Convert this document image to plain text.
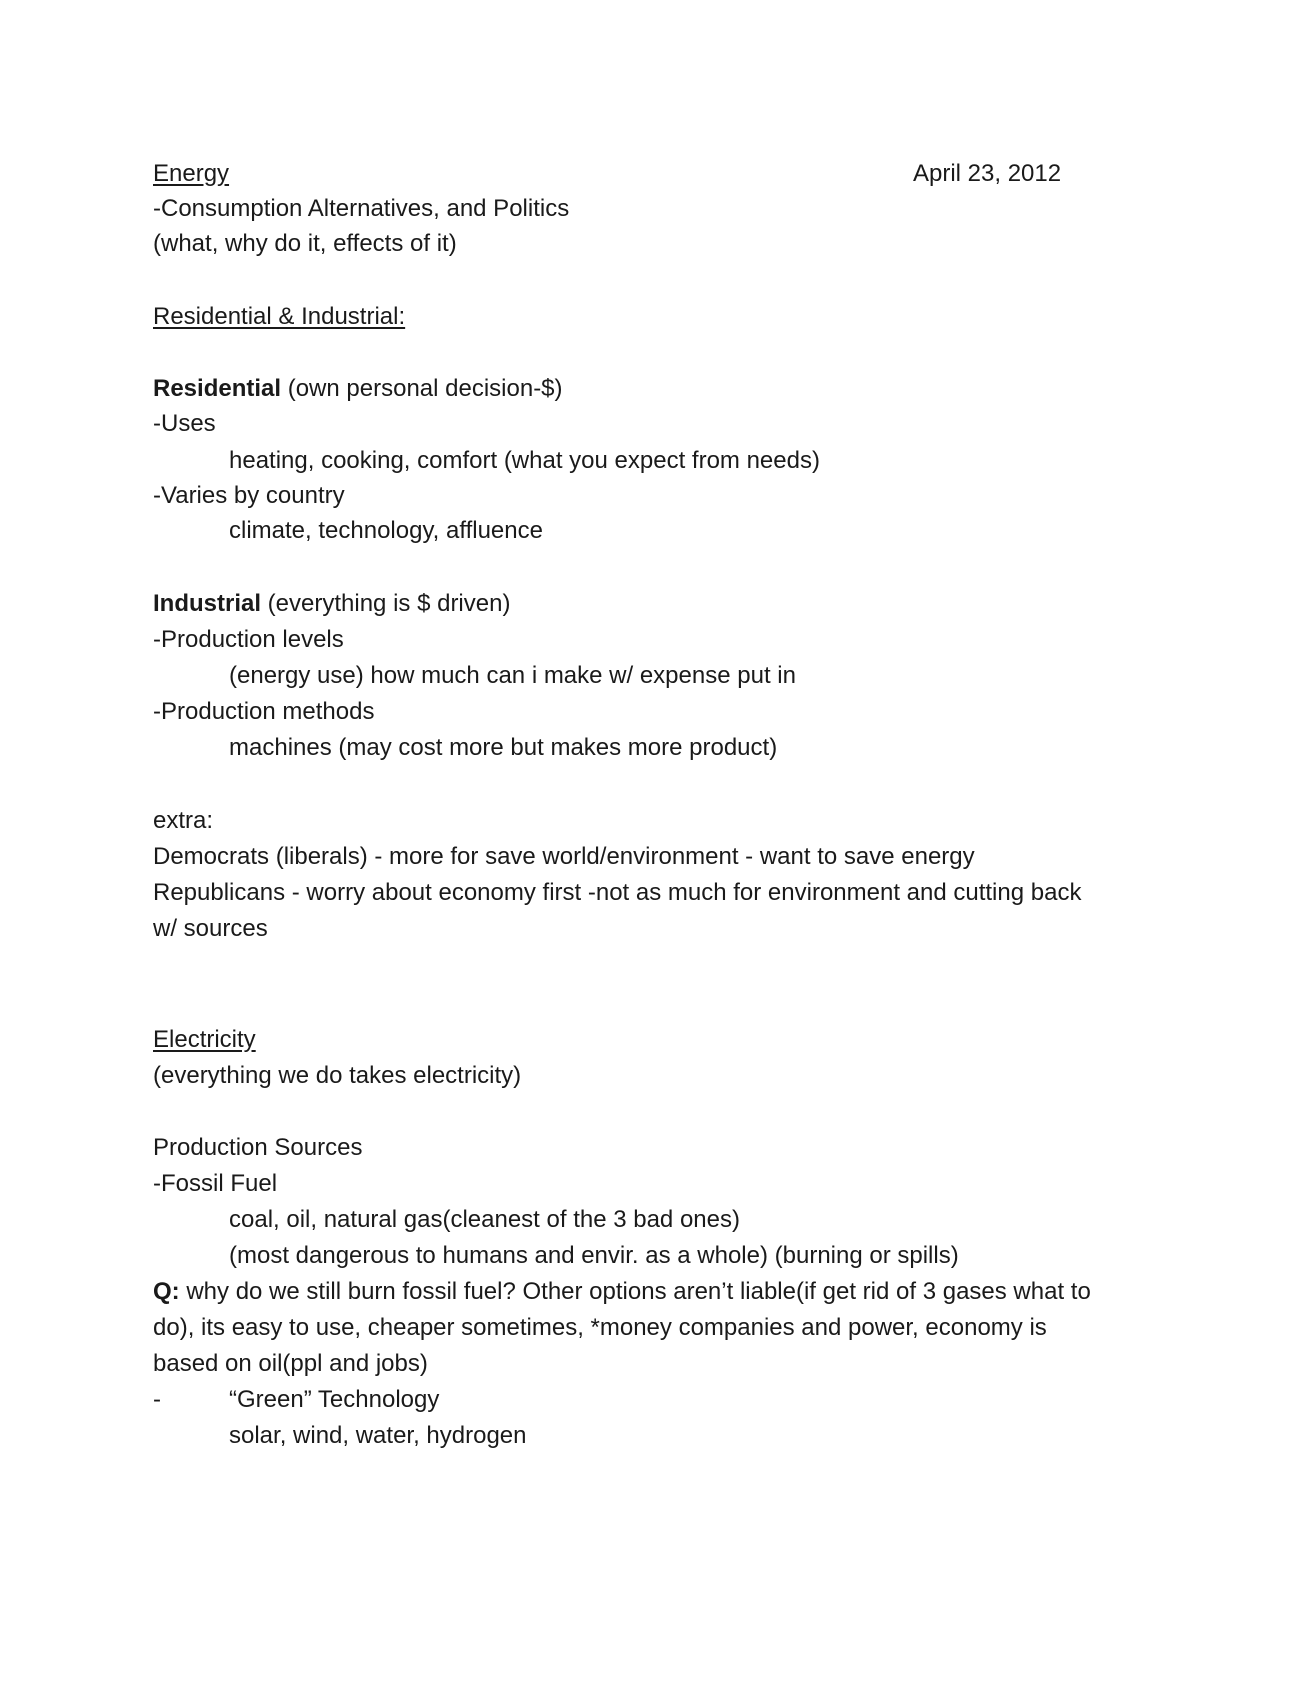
Energy	April 23, 2012
-Consumption Alternatives, and Politics
(what, why do it, effects of it)
Residential & Industrial:
Residential (own personal decision-$)
-Uses
heating, cooking, comfort (what you expect from needs)
-Varies by country
climate, technology, affluence
Industrial (everything is $ driven)
-Production levels
(energy use) how much can i make w/ expense put in
-Production methods
machines (may cost more but makes more product)
extra:
Democrats (liberals) - more for save world/environment - want to save energy
Republicans - worry about economy first -not as much for environment and cutting back
w/ sources
Electricity
(everything we do takes electricity)
Production Sources
-Fossil Fuel
coal, oil, natural gas(cleanest of the 3 bad ones)
(most dangerous to humans and envir. as a whole) (burning or spills)
Q: why do we still burn fossil fuel? Other options aren’t liable(if get rid of 3 gases what to
do), its easy to use, cheaper sometimes, *money companies and power, economy is
based on oil(ppl and jobs)
-	“Green” Technology
solar, wind, water, hydrogen
